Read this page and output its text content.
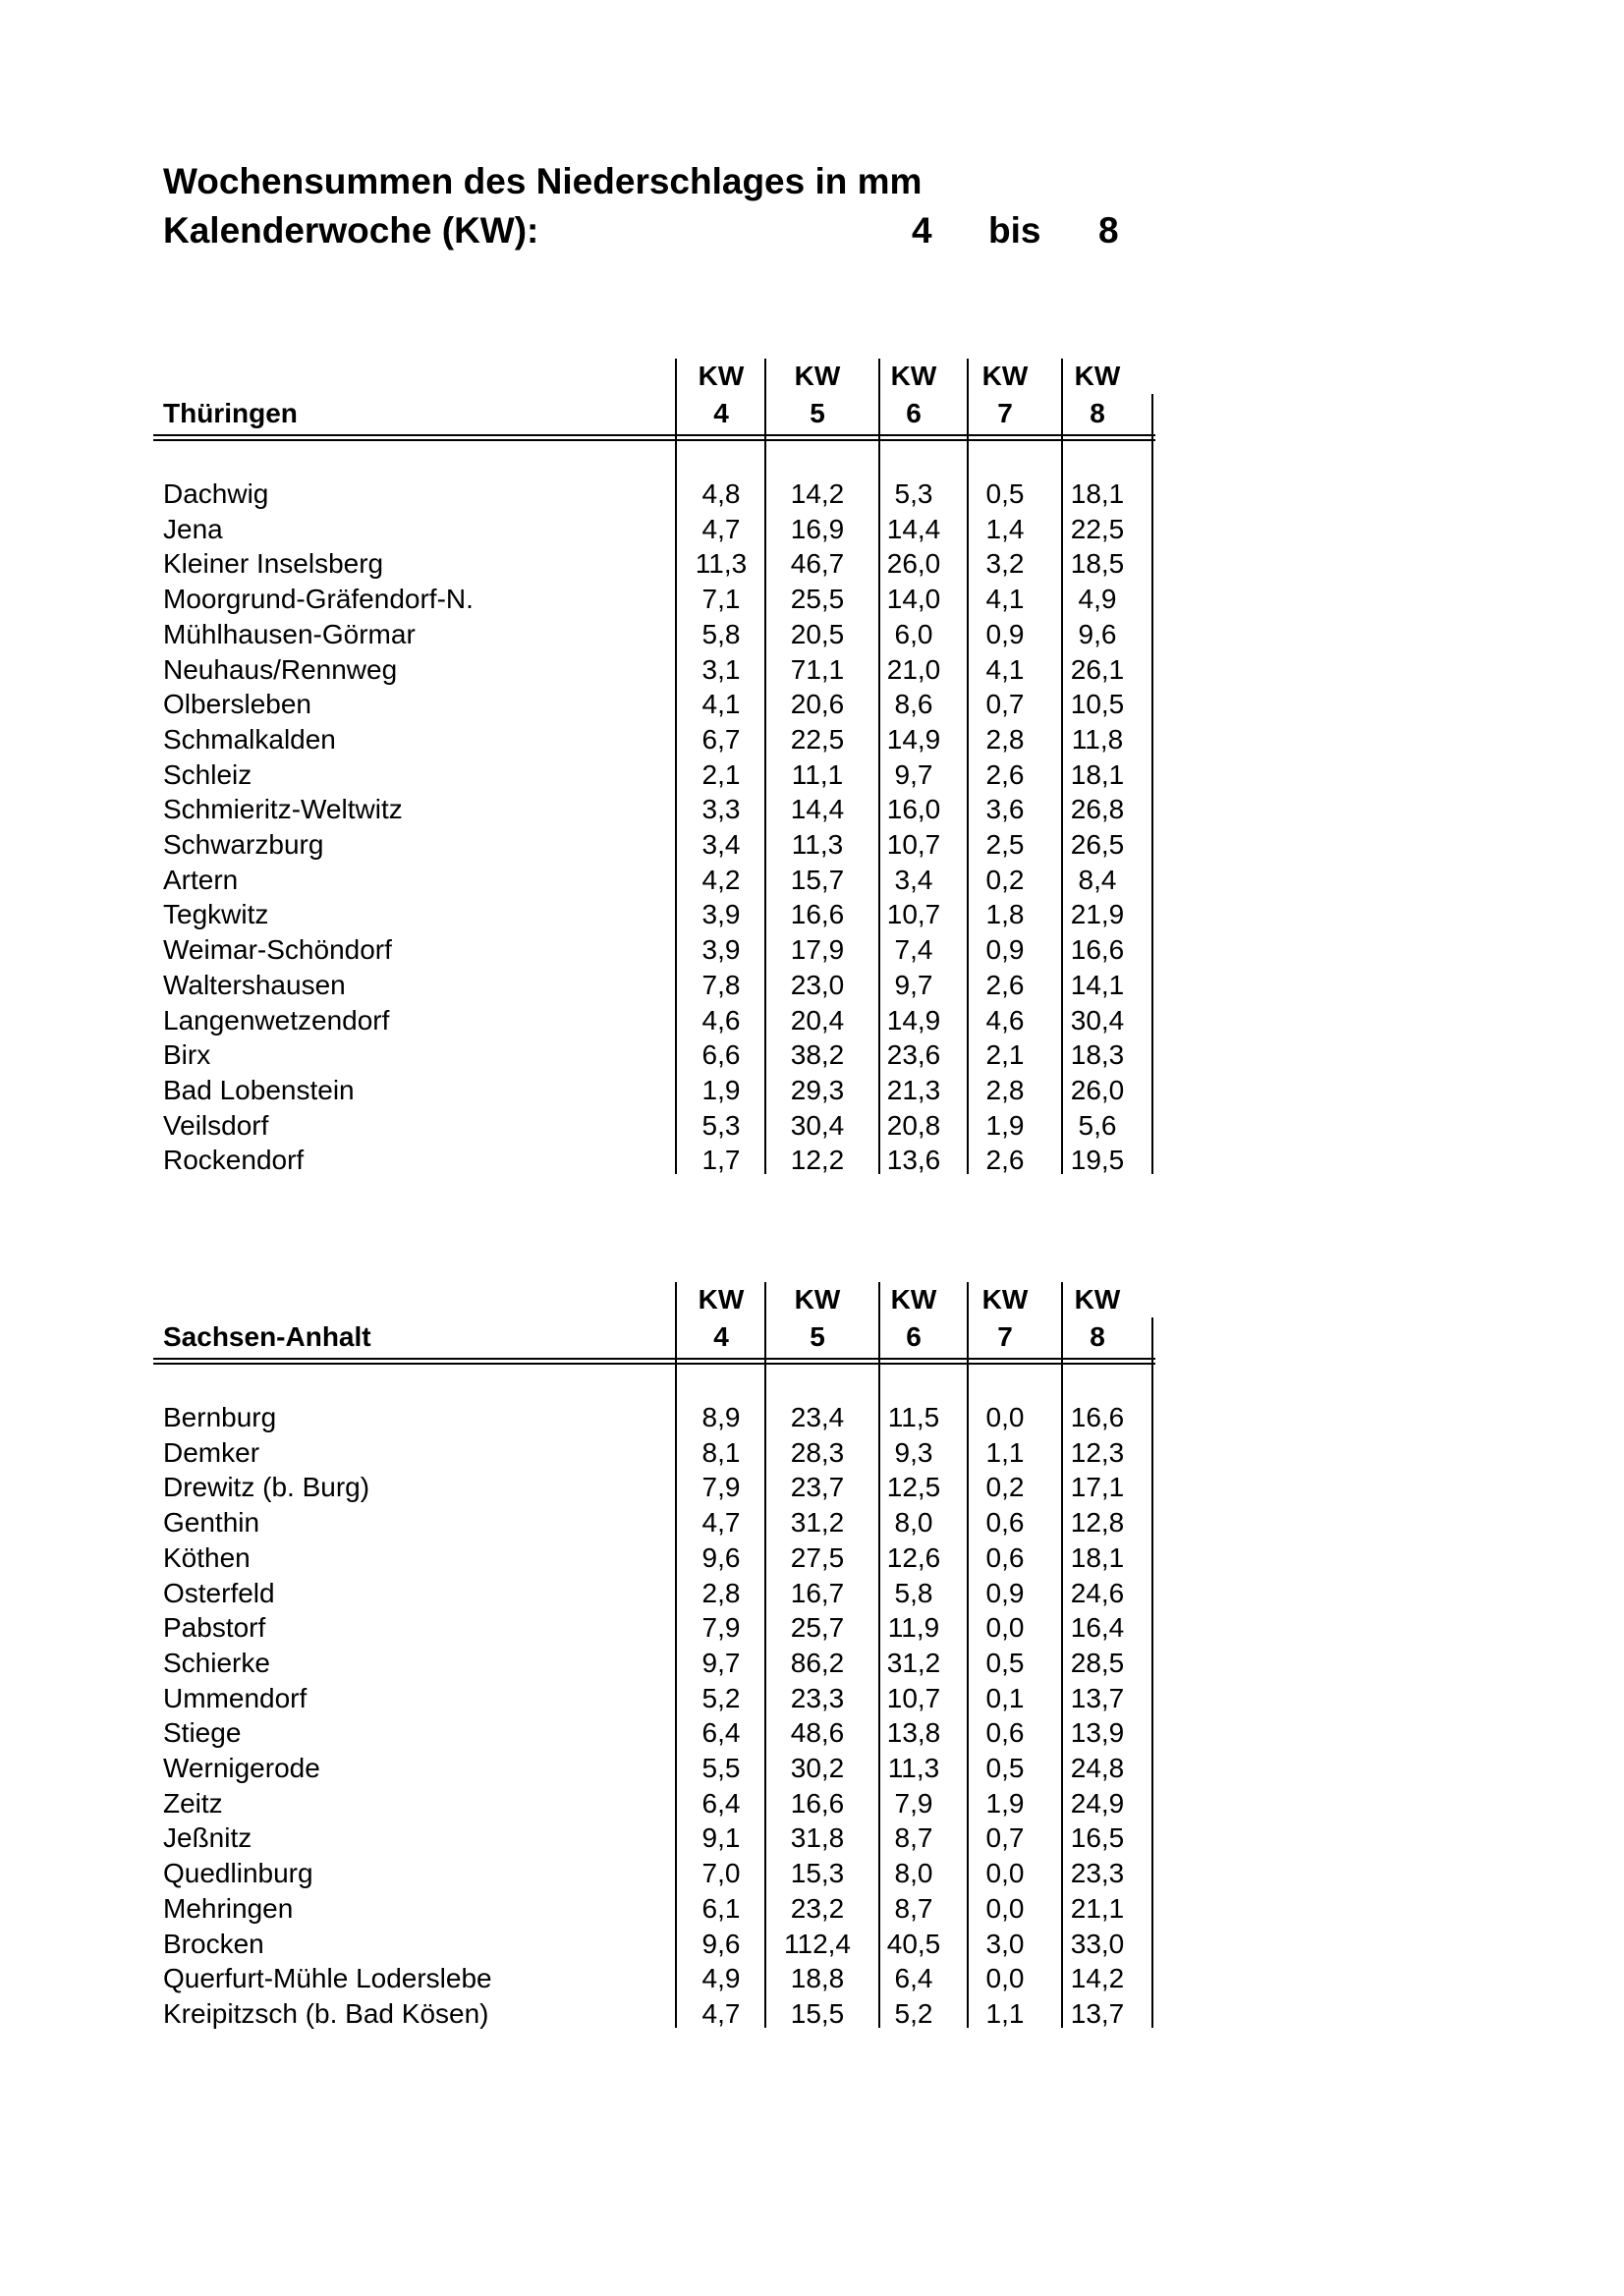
Wochensummen des Niederschlages in mm
Kalenderwoche (KW):	4 bis 8
KW	KW	KW	KW	KW
Thüringen	4	5	6	7	8
Dachwig	4,8	14,2	5,3	0,5	18,1
Jena	4,7	16,9	14,4	1,4	22,5
Kleiner Inselsberg	11,3	46,7	26,0	3,2	18,5
Moorgrund-Gräfendorf-N.	7,1	25,5	14,0	4,1	4,9
Mühlhausen-Görmar	5,8	20,5	6,0	0,9	9,6
Neuhaus/Rennweg	3,1	71,1	21,0	4,1	26,1
Olbersleben	4,1	20,6	8,6	0,7	10,5
Schmalkalden	6,7	22,5	14,9	2,8	11,8
Schleiz	2,1	11,1	9,7	2,6	18,1
Schmieritz-Weltwitz	3,3	14,4	16,0	3,6	26,8
Schwarzburg	3,4	11,3	10,7	2,5	26,5
Artern	4,2	15,7	3,4	0,2	8,4
Tegkwitz	3,9	16,6	10,7	1,8	21,9
Weimar-Schöndorf	3,9	17,9	7,4	0,9	16,6
Waltershausen	7,8	23,0	9,7	2,6	14,1
Langenwetzendorf	4,6	20,4	14,9	4,6	30,4
Birx	6,6	38,2	23,6	2,1	18,3
Bad Lobenstein	1,9	29,3	21,3	2,8	26,0
Veilsdorf	5,3	30,4	20,8	1,9	5,6
Rockendorf	1,7	12,2	13,6	2,6	19,5
KW	KW	KW	KW	KW
Sachsen-Anhalt	4	5	6	7	8
Bernburg	8,9	23,4	11,5	0,0	16,6
Demker	8,1	28,3	9,3	1,1	12,3
Drewitz (b. Burg)	7,9	23,7	12,5	0,2	17,1
Genthin	4,7	31,2	8,0	0,6	12,8
Köthen	9,6	27,5	12,6	0,6	18,1
Osterfeld	2,8	16,7	5,8	0,9	24,6
Pabstorf	7,9	25,7	11,9	0,0	16,4
Schierke	9,7	86,2	31,2	0,5	28,5
Ummendorf	5,2	23,3	10,7	0,1	13,7
Stiege	6,4	48,6	13,8	0,6	13,9
Wernigerode	5,5	30,2	11,3	0,5	24,8
Zeitz	6,4	16,6	7,9	1,9	24,9
Jeßnitz	9,1	31,8	8,7	0,7	16,5
Quedlinburg	7,0	15,3	8,0	0,0	23,3
Mehringen	6,1	23,2	8,7	0,0	21,1
Brocken	9,6	112,4	40,5	3,0	33,0
Querfurt-Mühle Loderslebe	4,9	18,8	6,4	0,0	14,2
Kreipitzsch (b. Bad Kösen)	4,7	15,5	5,2	1,1	13,7
